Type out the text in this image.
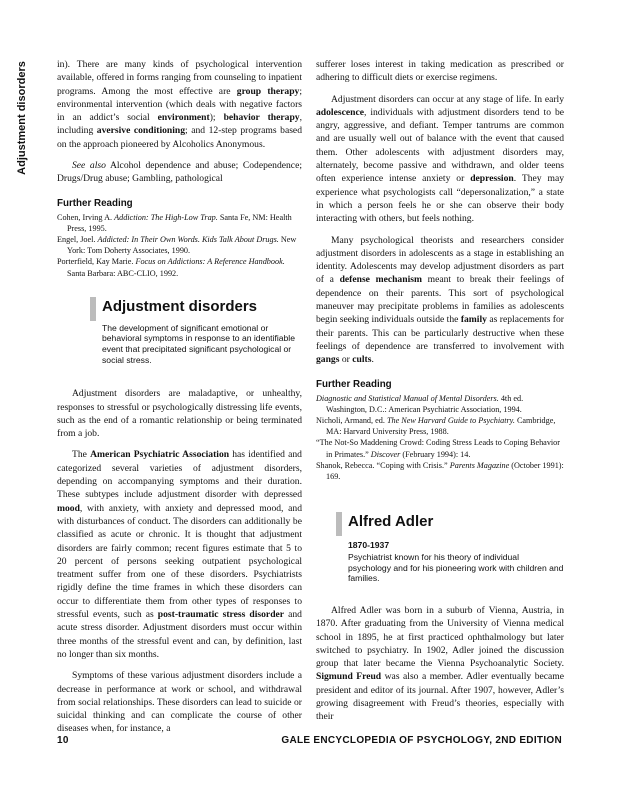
Adjustment disorders	in). There are many kinds of psychological intervention available, offered in forms ranging from counseling to inpatient programs. Among the most effective are group therapy; environmental intervention (which deals with negative factors in an addict’s social environment); behavior therapy, including aversive conditioning; and 12-step programs based on the approach pioneered by Alcoholics Anonymous.

See also Alcohol dependence and abuse; Codependence; Drugs/Drug abuse; Gambling, pathological

Further Reading

Cohen, Irving A. Addiction: The High-Low Trap. Santa Fe, NM: Health Press, 1995.

Engel, Joel. Addicted: In Their Own Words. Kids Talk About Drugs. New York: Tom Doherty Associates, 1990.

Porterfield, Kay Marie. Focus on Addictions: A Reference Handbook. Santa Barbara: ABC-CLIO, 1992.

Adjustment disorders

The development of significant emotional or behavioral symptoms in response to an identifiable event that precipitated significant psychological or social stress.

Adjustment disorders are maladaptive, or unhealthy, responses to stressful or psychologically distressing life events, such as the end of a romantic relationship or being terminated from a job.

The American Psychiatric Association has identified and categorized several varieties of adjustment disorders, depending on accompanying symptoms and their duration. These subtypes include adjustment disorder with depressed mood, with anxiety, with anxiety and depressed mood, and with disturbances of conduct. The disorders can additionally be classified as acute or chronic. It is thought that adjustment disorders are fairly common; recent figures estimate that 5 to 20 percent of persons seeking outpatient psychological treatment suffer from one of these disorders. Psychiatrists rigidly define the time frames in which these disorders can occur to differentiate them from other types of responses to stressful events, such as post-traumatic stress disorder and acute stress disorder. Adjustment disorders must occur within three months of the stressful event and can, by definition, last no longer than six months.

Symptoms of these various adjustment disorders include a decrease in performance at work or school, and withdrawal from social relationships. These disorders can lead to suicide or suicidal thinking and can complicate the course of other diseases when, for instance, a

sufferer loses interest in taking medication as prescribed or adhering to difficult diets or exercise regimens.

Adjustment disorders can occur at any stage of life. In early adolescence, individuals with adjustment disorders tend to be angry, aggressive, and defiant. Temper tantrums are common and are usually well out of balance with the event that caused them. Other adolescents with adjustment disorders may, alternately, become passive and withdrawn, and older teens often experience intense anxiety or depression. They may experience what psychologists call “depersonalization,” a state in which a person feels he or she can observe their body interacting with others, but feels nothing.

Many psychological theorists and researchers consider adjustment disorders in adolescents as a stage in establishing an identity. Adolescents may develop adjustment disorders as part of a defense mechanism meant to break their feelings of dependence on their parents. This sort of psychological maneuver may precipitate problems in families as adolescents begin seeking individuals outside the family as replacements for their parents. This can be particularly destructive when these feelings of dependence are transferred to involvement with gangs or cults.

Further Reading

Diagnostic and Statistical Manual of Mental Disorders. 4th ed. Washington, D.C.: American Psychiatric Association, 1994.

Nicholi, Armand, ed. The New Harvard Guide to Psychiatry. Cambridge, MA: Harvard University Press, 1988.

“The Not-So Maddening Crowd: Coding Stress Leads to Coping Behavior in Primates.” Discover (February 1994): 14.

Shanok, Rebecca. “Coping with Crisis.” Parents Magazine (October 1991): 169.

Alfred Adler

1870-1937

Psychiatrist known for his theory of individual psychology and for his pioneering work with children and families.

Alfred Adler was born in a suburb of Vienna, Austria, in 1870. After graduating from the University of Vienna medical school in 1895, he at first practiced ophthalmology but later switched to psychiatry. In 1902, Adler joined the discussion group that later became the Vienna Psychoanalytic Society. Sigmund Freud was also a member. Adler eventually became president and editor of its journal. After 1907, however, Adler’s growing disagreement with Freud’s theories, especially with their

10	GALE ENCYCLOPEDIA OF PSYCHOLOGY, 2ND EDITION
